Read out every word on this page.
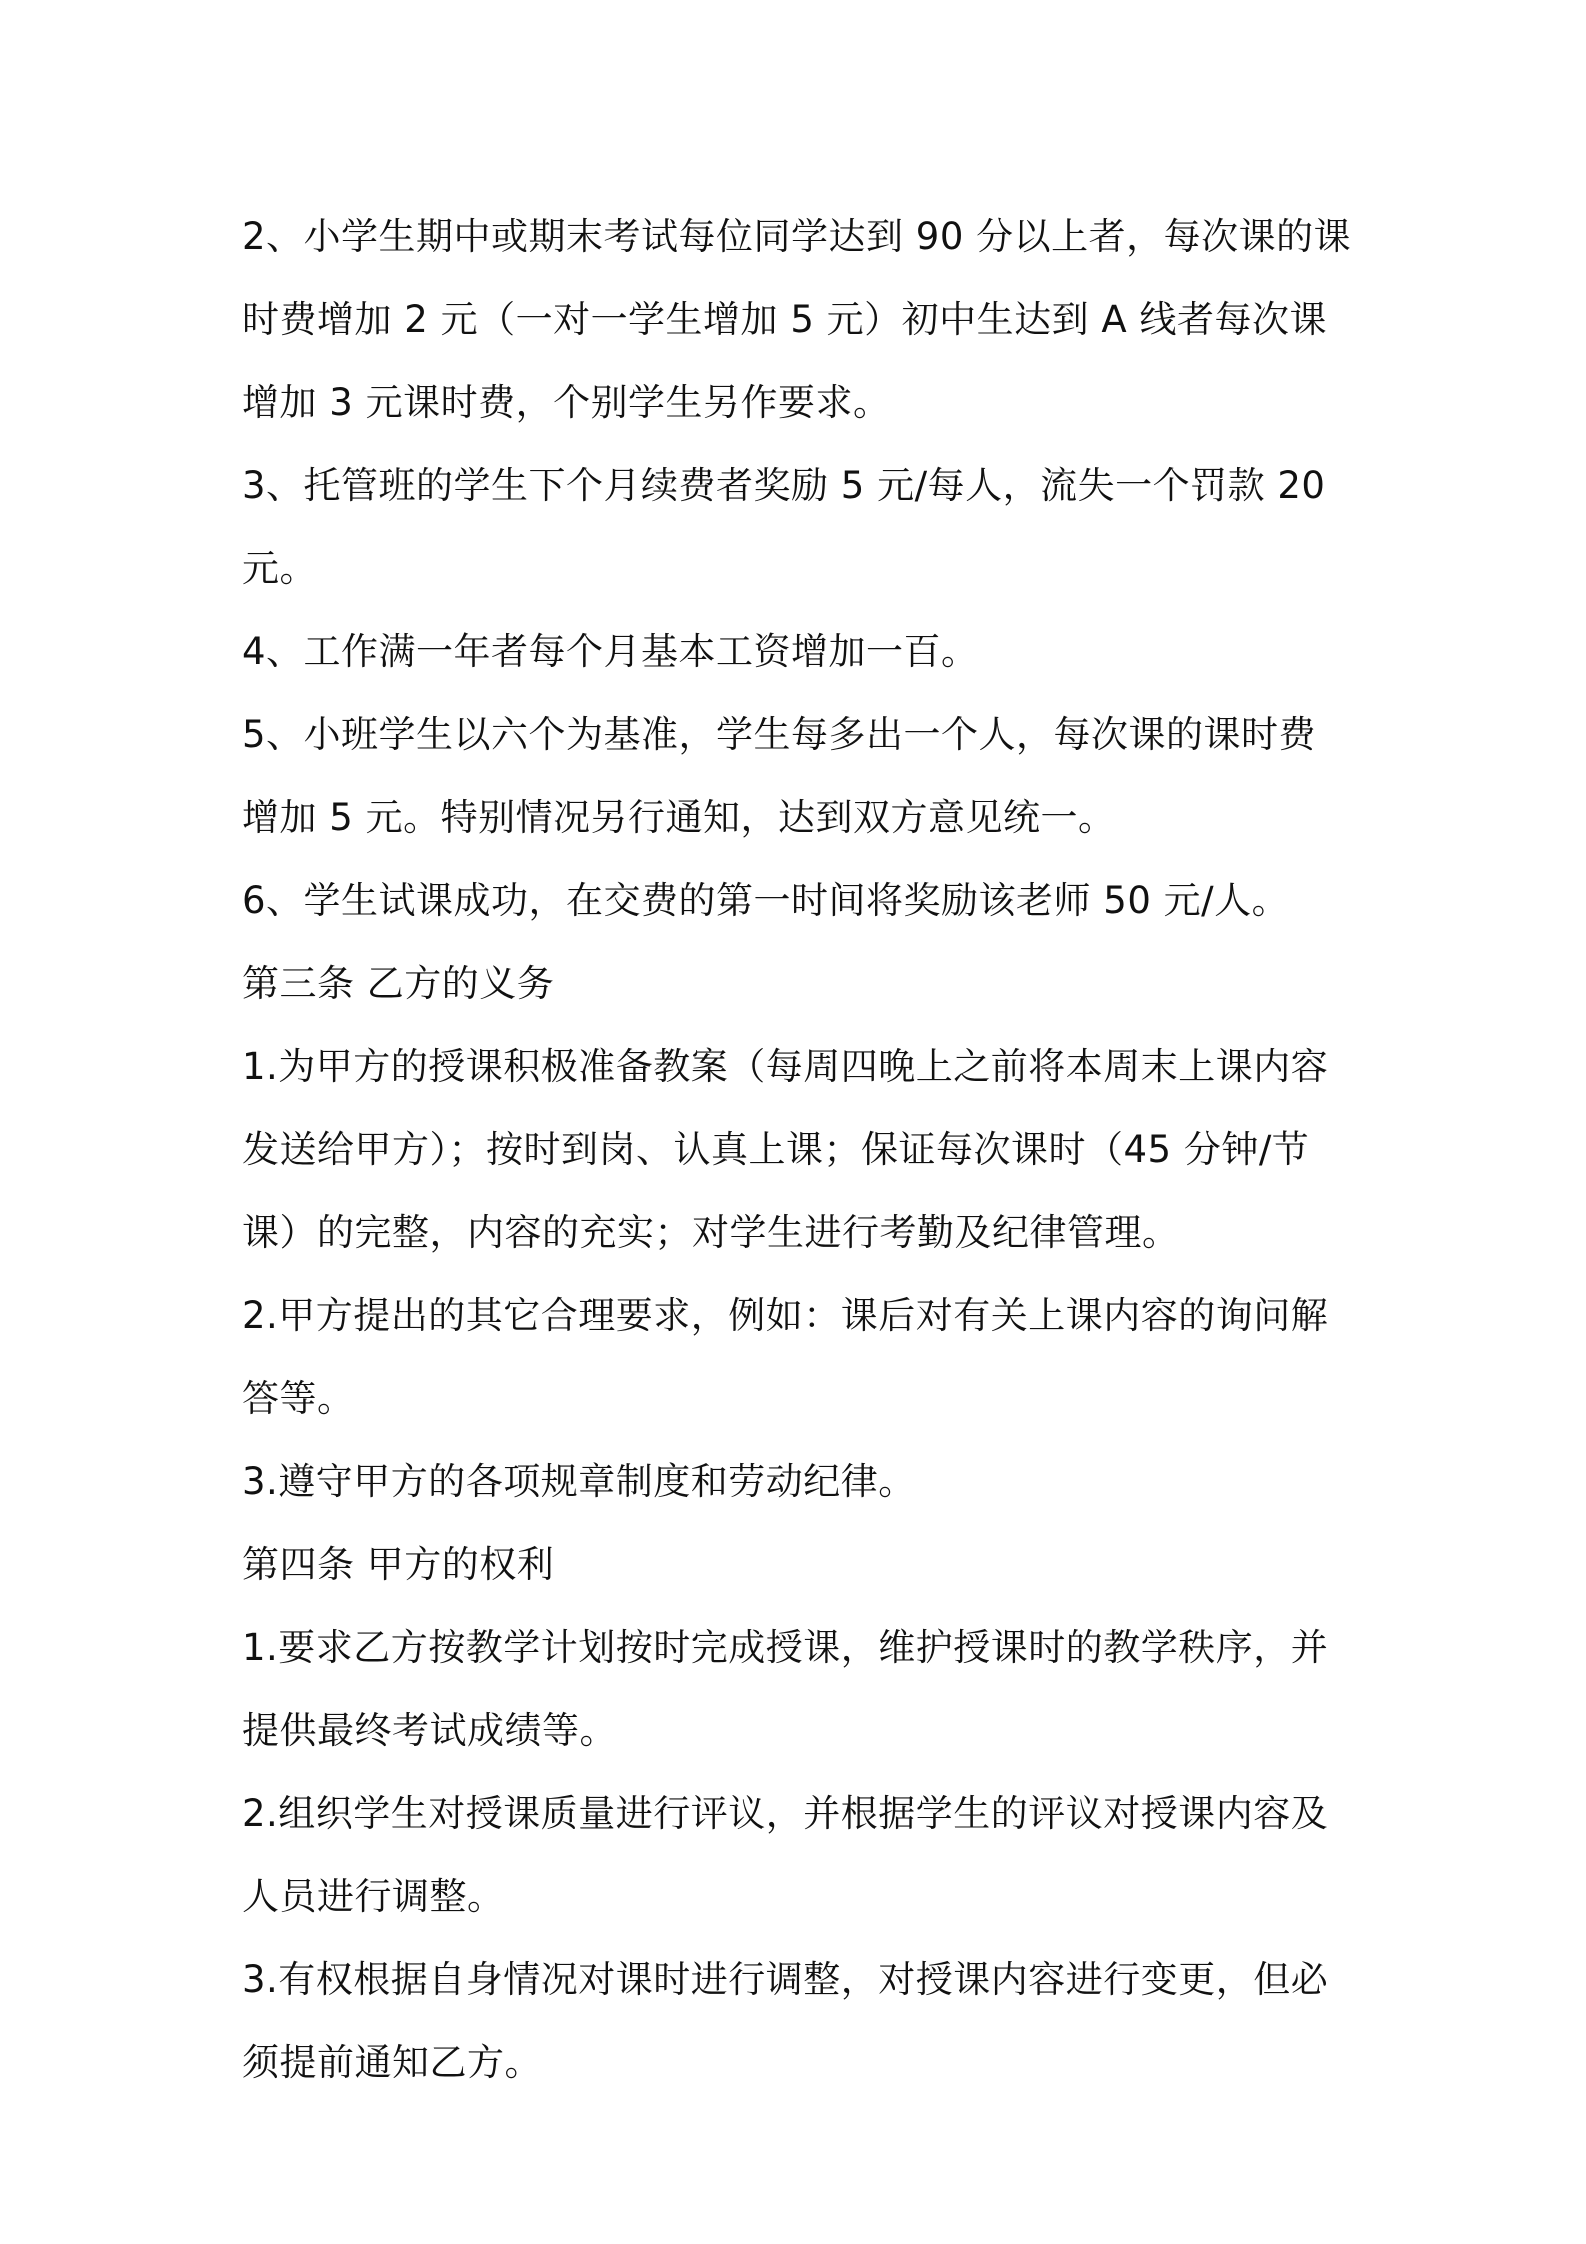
2、小学生期中或期末考试每位同学达到 90 分以上者，每次课的课时费增加 2 元（一对一学生增加 5 元）初中生达到 A 线者每次课增加 3 元课时费，个别学生另作要求。

3、托管班的学生下个月续费者奖励 5 元/每人，流失一个罚款 20 元。

4、工作满一年者每个月基本工资增加一百。

5、小班学生以六个为基准，学生每多出一个人，每次课的课时费增加 5 元。特别情况另行通知，达到双方意见统一。

6、学生试课成功，在交费的第一时间将奖励该老师 50 元/人。

第三条 乙方的义务

1.为甲方的授课积极准备教案（每周四晚上之前将本周末上课内容发送给甲方）；按时到岗、认真上课；保证每次课时（45 分钟/节课）的完整，内容的充实；对学生进行考勤及纪律管理。

2.甲方提出的其它合理要求，例如：课后对有关上课内容的询问解答等。

3.遵守甲方的各项规章制度和劳动纪律。

第四条 甲方的权利

1.要求乙方按教学计划按时完成授课，维护授课时的教学秩序，并提供最终考试成绩等。

2.组织学生对授课质量进行评议，并根据学生的评议对授课内容及人员进行调整。

3.有权根据自身情况对课时进行调整，对授课内容进行变更，但必须提前通知乙方。
